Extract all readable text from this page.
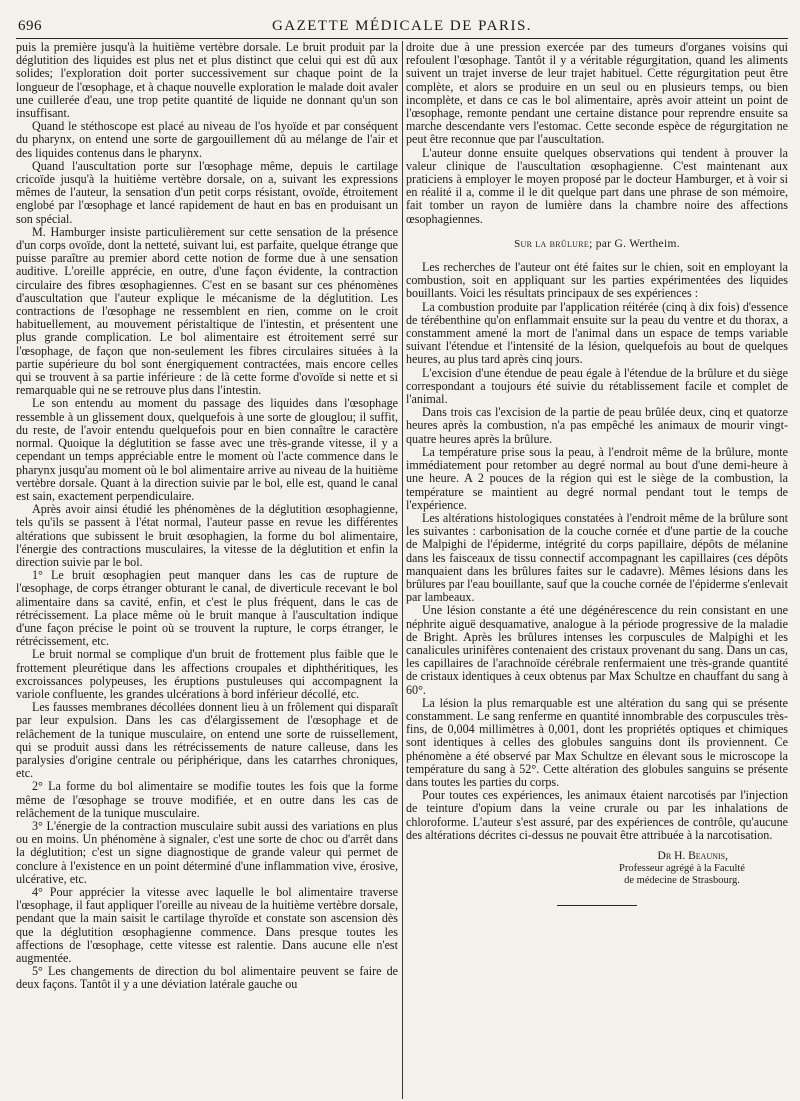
696	GAZETTE MÉDICALE DE PARIS.

puis la première jusqu'à la huitième vertèbre dorsale. Le bruit produit par la déglutition des liquides est plus net et plus distinct que celui qui est dû aux solides; l'exploration doit porter successivement sur chaque point de la longueur de l'œsophage, et à chaque nouvelle exploration le malade doit avaler une cuillerée d'eau, une trop petite quantité de liquide ne donnant qu'un son insuffisant.

Quand le stéthoscope est placé au niveau de l'os hyoïde et par conséquent du pharynx, on entend une sorte de gargouillement dû au mélange de l'air et des liquides contenus dans le pharynx.

Quand l'auscultation porte sur l'œsophage même, depuis le cartilage cricoïde jusqu'à la huitième vertèbre dorsale, on a, suivant les expressions mêmes de l'auteur, la sensation d'un petit corps résistant, ovoïde, étroitement englobé par l'œsophage et lancé rapidement de haut en bas en produisant un son spécial.

M. Hamburger insiste particulièrement sur cette sensation de la présence d'un corps ovoïde, dont la netteté, suivant lui, est parfaite, quelque étrange que puisse paraître au premier abord cette notion de forme due à une sensation auditive. L'oreille apprécie, en outre, d'une façon évidente, la contraction circulaire des fibres œsophagiennes. C'est en se basant sur ces phénomènes d'auscultation que l'auteur explique le mécanisme de la déglutition. Les contractions de l'œsophage ne ressemblent en rien, comme on le croit habituellement, au mouvement péristaltique de l'intestin, et présentent une plus grande complication. Le bol alimentaire est étroitement serré sur l'œsophage, de façon que non-seulement les fibres circulaires situées à la partie supérieure du bol sont énergiquement contractées, mais encore celles qui se trouvent à sa partie inférieure : de là cette forme d'ovoïde si nette et si remarquable qui ne se retrouve plus dans l'intestin.

Le son entendu au moment du passage des liquides dans l'œsophage ressemble à un glissement doux, quelquefois à une sorte de glouglou; il suffit, du reste, de l'avoir entendu quelquefois pour en bien connaître le caractère normal. Quoique la déglutition se fasse avec une très-grande vitesse, il y a cependant un temps appréciable entre le moment où l'acte commence dans le pharynx jusqu'au moment où le bol alimentaire arrive au niveau de la huitième vertèbre dorsale. Quant à la direction suivie par le bol, elle est, quand le canal est sain, exactement perpendiculaire.

Après avoir ainsi étudié les phénomènes de la déglutition œsophagienne, tels qu'ils se passent à l'état normal, l'auteur passe en revue les différentes altérations que subissent le bruit œsophagien, la forme du bol alimentaire, l'énergie des contractions musculaires, la vitesse de la déglutition et enfin la direction suivie par le bol.

1° Le bruit œsophagien peut manquer dans les cas de rupture de l'œsophage, de corps étranger obturant le canal, de diverticule recevant le bol alimentaire dans sa cavité, enfin, et c'est le plus fréquent, dans le cas de rétrécissement. La place même où le bruit manque à l'auscultation indique d'une façon précise le point où se trouvent la rupture, le corps étranger, le rétrécissement, etc.

Le bruit normal se complique d'un bruit de frottement plus faible que le frottement pleurétique dans les affections croupales et diphthéritiques, les excroissances polypeuses, les éruptions pustuleuses qui accompagnent la variole confluente, les grandes ulcérations à bord inférieur décollé, etc.

Les fausses membranes décollées donnent lieu à un frôlement qui disparaît par leur expulsion. Dans les cas d'élargissement de l'œsophage et de relâchement de la tunique musculaire, on entend une sorte de ruissellement, qui se produit aussi dans les rétrécissements de nature calleuse, dans les paralysies d'origine centrale ou périphérique, dans les catarrhes chroniques, etc.

2° La forme du bol alimentaire se modifie toutes les fois que la forme même de l'œsophage se trouve modifiée, et en outre dans les cas de relâchement de la tunique musculaire.

3° L'énergie de la contraction musculaire subit aussi des variations en plus ou en moins. Un phénomène à signaler, c'est une sorte de choc ou d'arrêt dans la déglutition; c'est un signe diagnostique de grande valeur qui permet de conclure à l'existence en un point déterminé d'une inflammation vive, érosive, ulcérative, etc.

4° Pour apprécier la vitesse avec laquelle le bol alimentaire traverse l'œsophage, il faut appliquer l'oreille au niveau de la huitième vertèbre dorsale, pendant que la main saisit le cartilage thyroïde et constate son ascension dès que la déglutition œsophagienne commence. Dans presque toutes les affections de l'œsophage, cette vitesse est ralentie. Dans aucune elle n'est augmentée.

5° Les changements de direction du bol alimentaire peuvent se faire de deux façons. Tantôt il y a une déviation latérale gauche ou

droite due à une pression exercée par des tumeurs d'organes voisins qui refoulent l'œsophage. Tantôt il y a véritable régurgitation, quand les aliments suivent un trajet inverse de leur trajet habituel. Cette régurgitation peut être complète, et alors se produire en un seul ou en plusieurs temps, ou bien incomplète, et dans ce cas le bol alimentaire, après avoir atteint un point de l'œsophage, remonte pendant une certaine distance pour reprendre ensuite sa marche descendante vers l'estomac. Cette seconde espèce de régurgitation ne peut être reconnue que par l'auscultation.

L'auteur donne ensuite quelques observations qui tendent à prouver la valeur clinique de l'auscultation œsophagienne. C'est maintenant aux praticiens à employer le moyen proposé par le docteur Hamburger, et à voir si en réalité il a, comme il le dit quelque part dans une phrase de son mémoire, fait tomber un rayon de lumière dans la chambre noire des affections œsophagiennes.

Sur la brûlure; par G. Wertheim.

Les recherches de l'auteur ont été faites sur le chien, soit en employant la combustion, soit en appliquant sur les parties expérimentées des liquides bouillants. Voici les résultats principaux de ses expériences :

La combustion produite par l'application réitérée (cinq à dix fois) d'essence de térébenthine qu'on enflammait ensuite sur la peau du ventre et du thorax, a constamment amené la mort de l'animal dans un espace de temps variable suivant l'étendue et l'intensité de la lésion, quelquefois au bout de quelques heures, au plus tard après cinq jours.

L'excision d'une étendue de peau égale à l'étendue de la brûlure et du siège correspondant a toujours été suivie du rétablissement facile et complet de l'animal.

Dans trois cas l'excision de la partie de peau brûlée deux, cinq et quatorze heures après la combustion, n'a pas empêché les animaux de mourir vingt-quatre heures après la brûlure.

La température prise sous la peau, à l'endroit même de la brûlure, monte immédiatement pour retomber au degré normal au bout d'une demi-heure à une heure. A 2 pouces de la région qui est le siège de la combustion, la température se maintient au degré normal pendant tout le temps de l'expérience.

Les altérations histologiques constatées à l'endroit même de la brûlure sont les suivantes : carbonisation de la couche cornée et d'une partie de la couche de Malpighi de l'épiderme, intégrité du corps papillaire, dépôts de mélanine dans les faisceaux de tissu connectif accompagnant les capillaires (ces dépôts manquaient dans les brûlures faites sur le cadavre). Mêmes lésions dans les brûlures par l'eau bouillante, sauf que la couche cornée de l'épiderme s'enlevait par lambeaux.

Une lésion constante a été une dégénérescence du rein consistant en une néphrite aiguë desquamative, analogue à la période progressive de la maladie de Bright. Après les brûlures intenses les corpuscules de Malpighi et les canalicules urinifères contenaient des cristaux provenant du sang. Dans un cas, les capillaires de l'arachnoïde cérébrale renfermaient une très-grande quantité de cristaux identiques à ceux obtenus par Max Schultze en chauffant du sang à 60°.

La lésion la plus remarquable est une altération du sang qui se présente constamment. Le sang renferme en quantité innombrable des corpuscules très-fins, de 0,004 millimètres à 0,001, dont les propriétés optiques et chimiques sont identiques à celles des globules sanguins dont ils proviennent. Ce phénomène a été observé par Max Schultze en élevant sous le microscope la température du sang à 52°. Cette altération des globules sanguins se présente dans toutes les parties du corps.

Pour toutes ces expériences, les animaux étaient narcotisés par l'injection de teinture d'opium dans la veine crurale ou par les inhalations de chloroforme. L'auteur s'est assuré, par des expériences de contrôle, qu'aucune des altérations décrites ci-dessus ne pouvait être attribuée à la narcotisation.

Dr H. Beaunis,
Professeur agrégé à la Faculté
de médecine de Strasbourg.
